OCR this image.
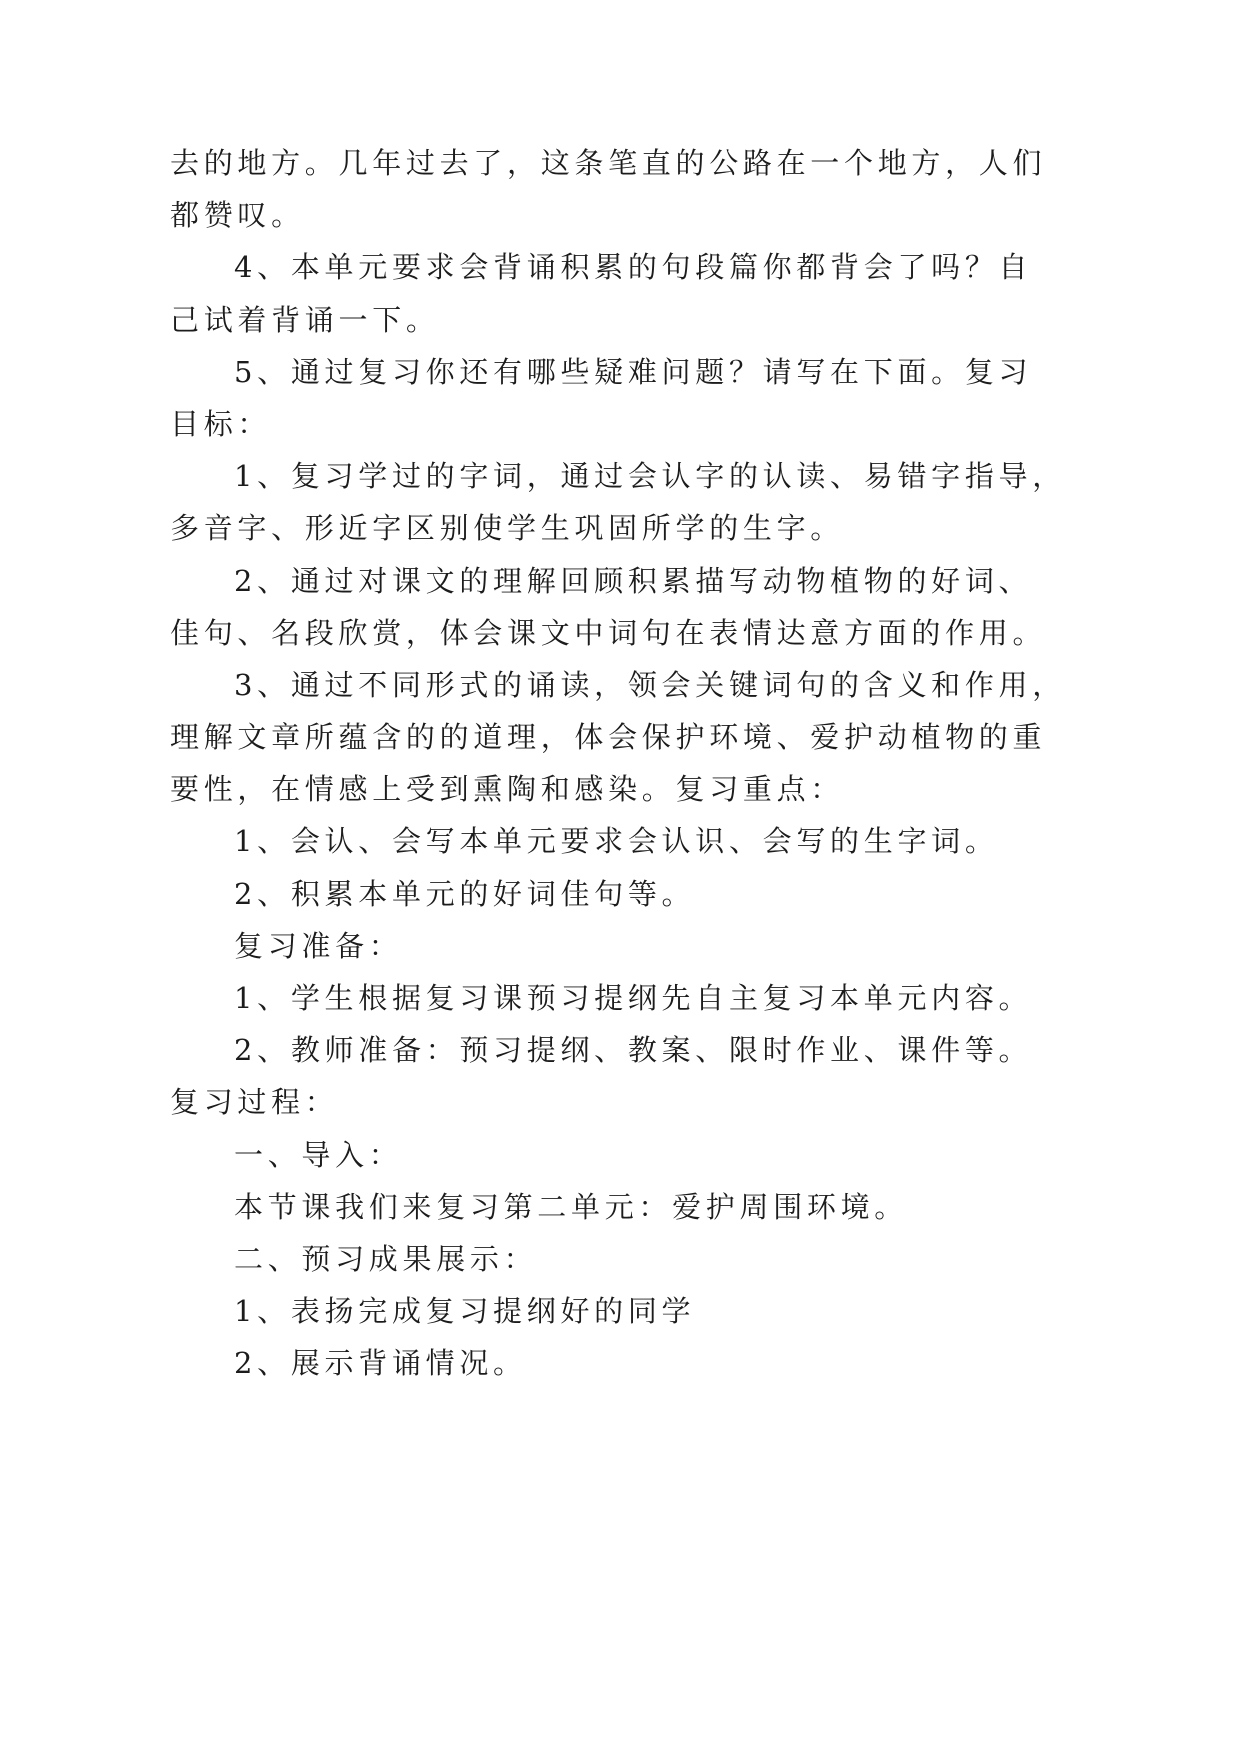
去的地方。几年过去了，这条笔直的公路在一个地方，人们
都赞叹。

4、本单元要求会背诵积累的句段篇你都背会了吗？自
己试着背诵一下。

5、通过复习你还有哪些疑难问题？请写在下面。复习
目标：

1、复习学过的字词，通过会认字的认读、易错字指导，
多音字、形近字区别使学生巩固所学的生字。

2、通过对课文的理解回顾积累描写动物植物的好词、
佳句、名段欣赏，体会课文中词句在表情达意方面的作用。

3、通过不同形式的诵读，领会关键词句的含义和作用，
理解文章所蕴含的的道理，体会保护环境、爱护动植物的重
要性，在情感上受到熏陶和感染。复习重点：

1、会认、会写本单元要求会认识、会写的生字词。

2、积累本单元的好词佳句等。

复习准备：

1、学生根据复习课预习提纲先自主复习本单元内容。

2、教师准备：预习提纲、教案、限时作业、课件等。
复习过程：

一、导入：

本节课我们来复习第二单元：爱护周围环境。

二、预习成果展示：

1、表扬完成复习提纲好的同学

2、展示背诵情况。
